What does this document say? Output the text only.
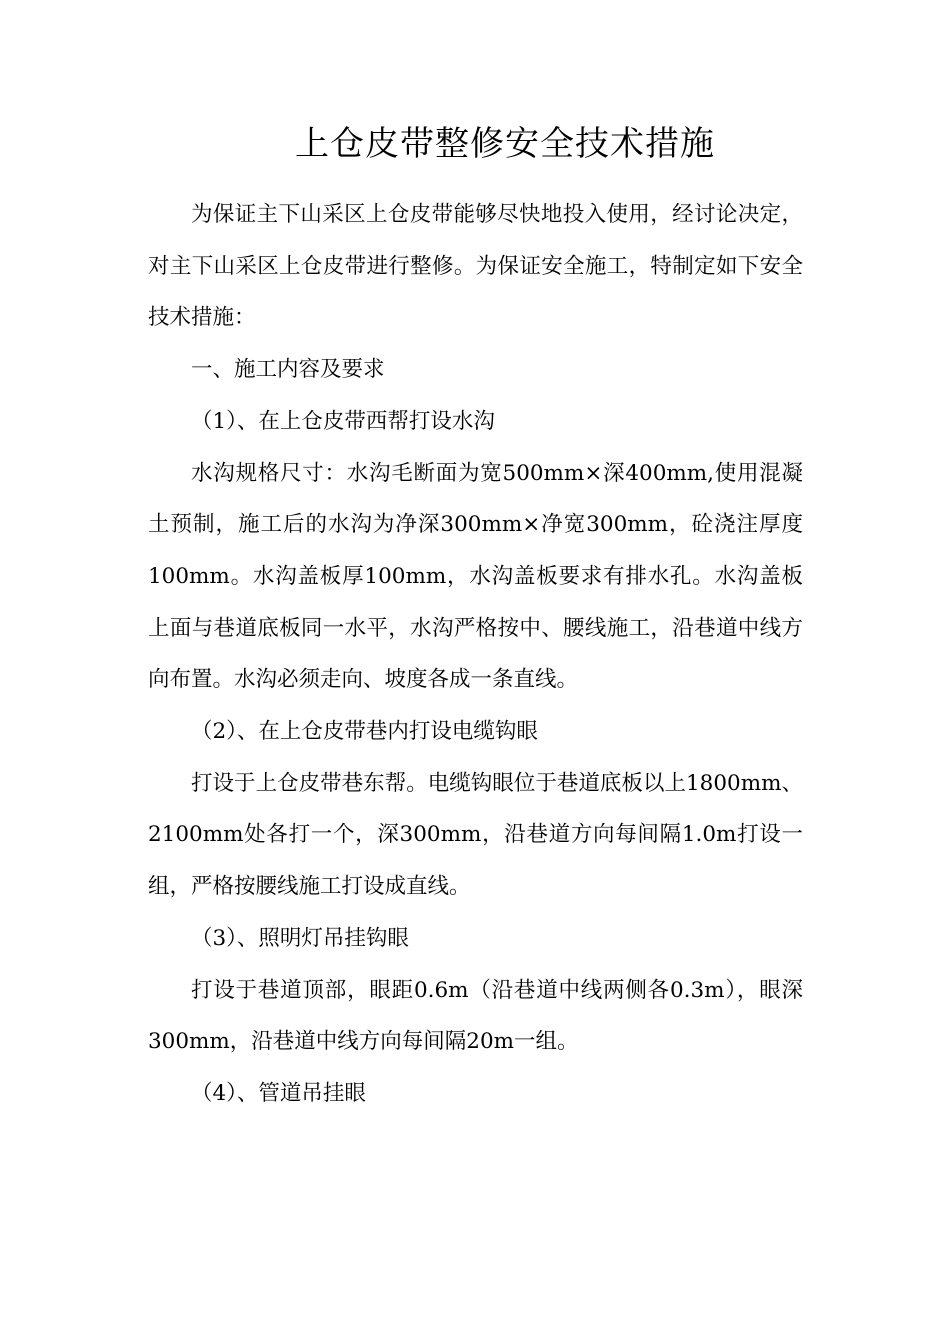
上仓皮带整修安全技术措施

为保证主下山采区上仓皮带能够尽快地投入使用，经讨论决定，对主下山采区上仓皮带进行整修。为保证安全施工，特制定如下安全技术措施：

一、施工内容及要求

（1）、在上仓皮带西帮打设水沟

水沟规格尺寸：水沟毛断面为宽500mm×深400mm,使用混凝土预制，施工后的水沟为净深300mm×净宽300mm，砼浇注厚度100mm。水沟盖板厚100mm，水沟盖板要求有排水孔。水沟盖板上面与巷道底板同一水平，水沟严格按中、腰线施工，沿巷道中线方向布置。水沟必须走向、坡度各成一条直线。

（2）、在上仓皮带巷内打设电缆钩眼

打设于上仓皮带巷东帮。电缆钩眼位于巷道底板以上1800mm、2100mm处各打一个，深300mm，沿巷道方向每间隔1.0m打设一组，严格按腰线施工打设成直线。

（3）、照明灯吊挂钩眼

打设于巷道顶部，眼距0.6m（沿巷道中线两侧各0.3m），眼深300mm，沿巷道中线方向每间隔20m一组。

（4）、管道吊挂眼
